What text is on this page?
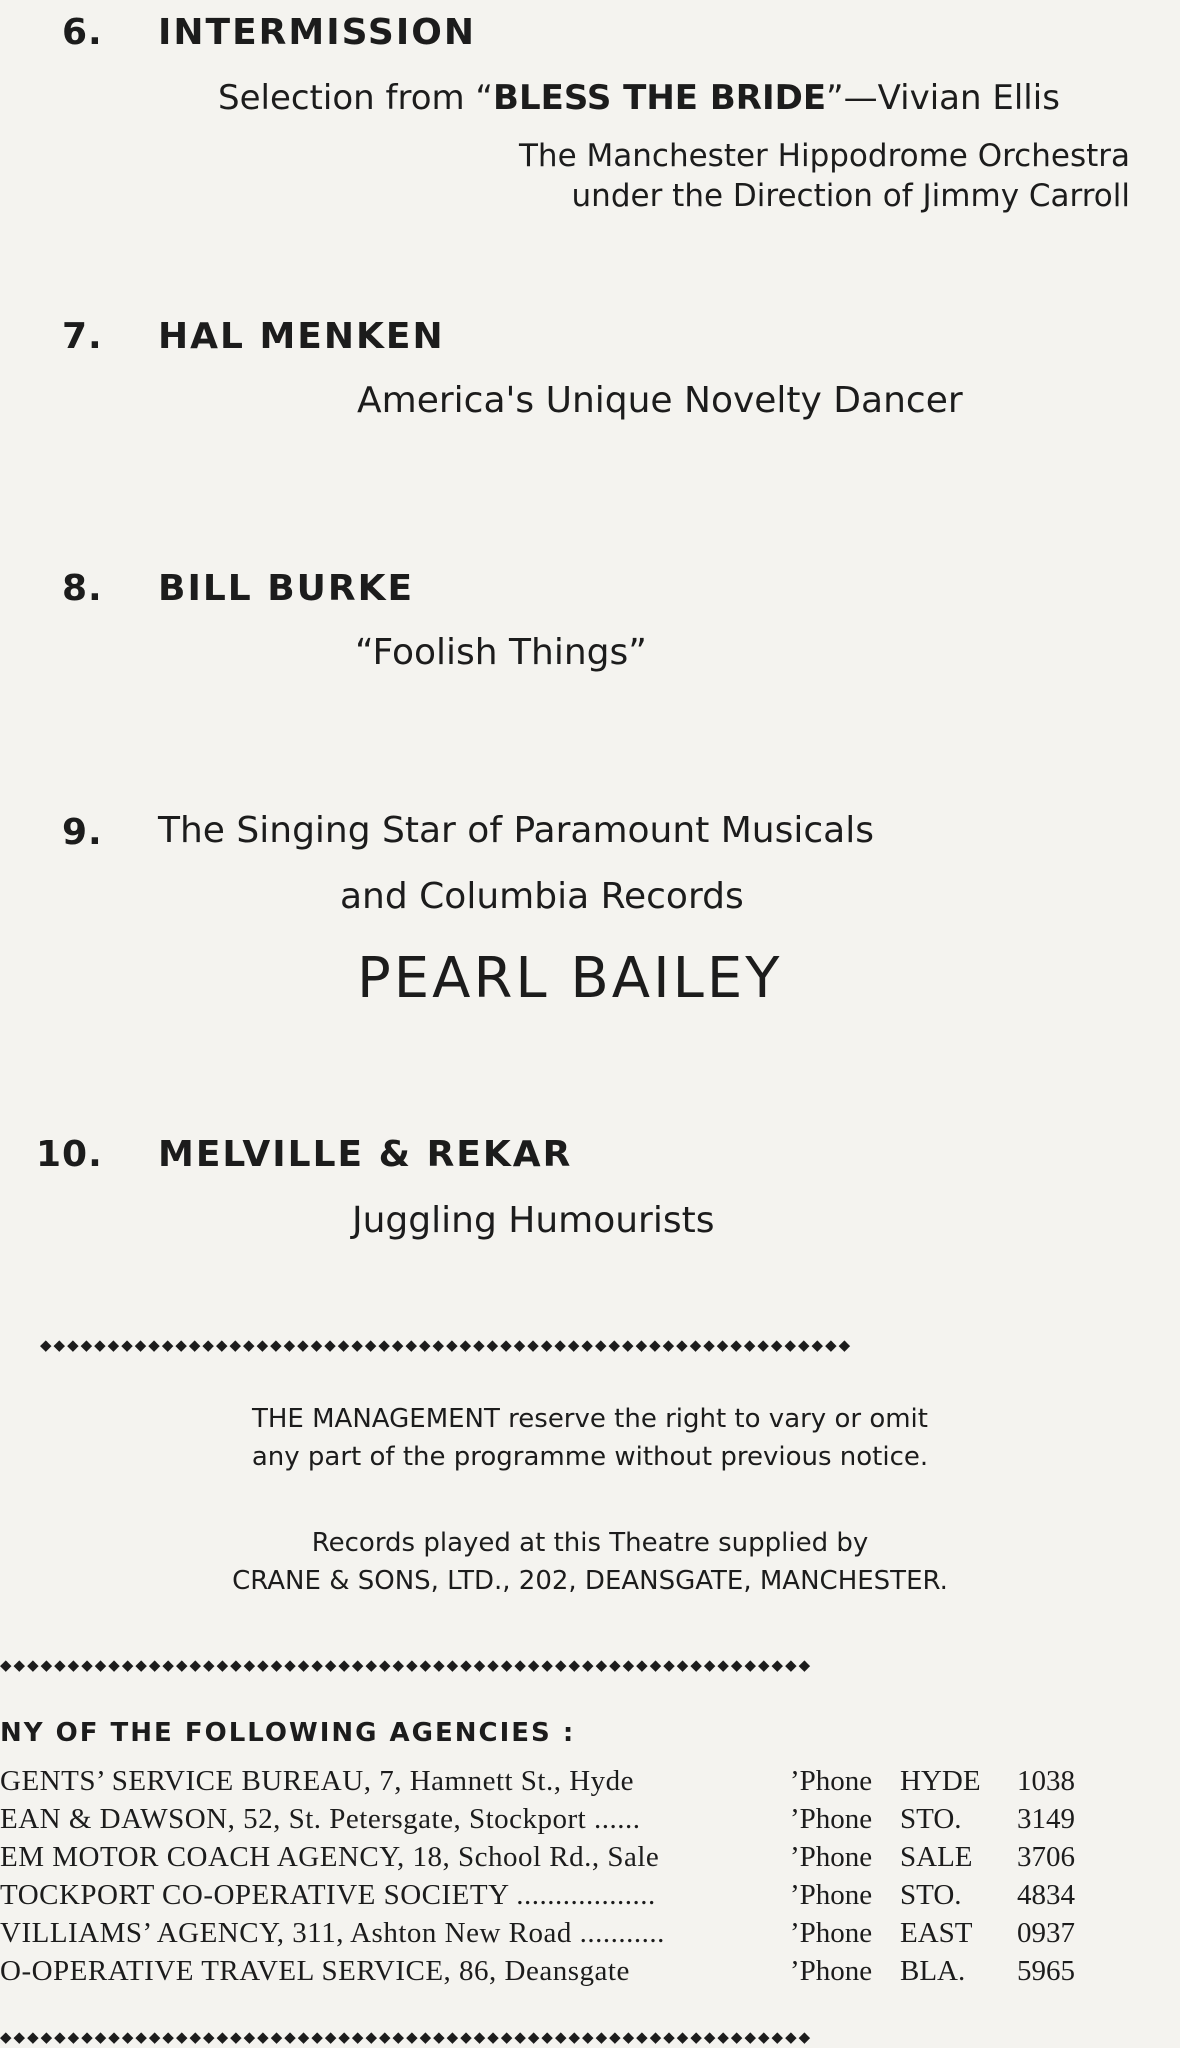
6. INTERMISSION
Selection from “BLESS THE BRIDE”—Vivian Ellis
The Manchester Hippodrome Orchestra
under the Direction of Jimmy Carroll
7. HAL MENKEN
America's Unique Novelty Dancer
8. BILL BURKE
“Foolish Things”
9. The Singing Star of Paramount Musicals
and Columbia Records
PEARL BAILEY
10. MELVILLE & REKAR
Juggling Humourists
◆◆◆◆◆◆◆◆◆◆◆◆◆◆◆◆◆◆◆◆◆◆◆◆◆◆◆◆◆◆◆◆◆◆◆◆◆◆◆◆◆◆◆◆◆◆◆◆◆◆◆◆◆◆◆◆◆◆◆◆
THE MANAGEMENT reserve the right to vary or omit
any part of the programme without previous notice.
Records played at this Theatre supplied by
CRANE & SONS, LTD., 202, DEANSGATE, MANCHESTER.
◆◆◆◆◆◆◆◆◆◆◆◆◆◆◆◆◆◆◆◆◆◆◆◆◆◆◆◆◆◆◆◆◆◆◆◆◆◆◆◆◆◆◆◆◆◆◆◆◆◆◆◆◆◆◆◆◆◆◆◆
NY OF THE FOLLOWING AGENCIES :
GENTS’ SERVICE BUREAU, 7, Hamnett St., Hyde	’Phone HYDE 1038
EAN & DAWSON, 52, St. Petersgate, Stockport ......	’Phone STO. 3149
EM MOTOR COACH AGENCY, 18, School Rd., Sale	’Phone SALE 3706
TOCKPORT CO-OPERATIVE SOCIETY ..................	’Phone STO. 4834
VILLIAMS’ AGENCY, 311, Ashton New Road ...........	’Phone EAST 0937
O-OPERATIVE TRAVEL SERVICE, 86, Deansgate	’Phone BLA. 5965
◆◆◆◆◆◆◆◆◆◆◆◆◆◆◆◆◆◆◆◆◆◆◆◆◆◆◆◆◆◆◆◆◆◆◆◆◆◆◆◆◆◆◆◆◆◆◆◆◆◆◆◆◆◆◆◆◆◆◆◆
